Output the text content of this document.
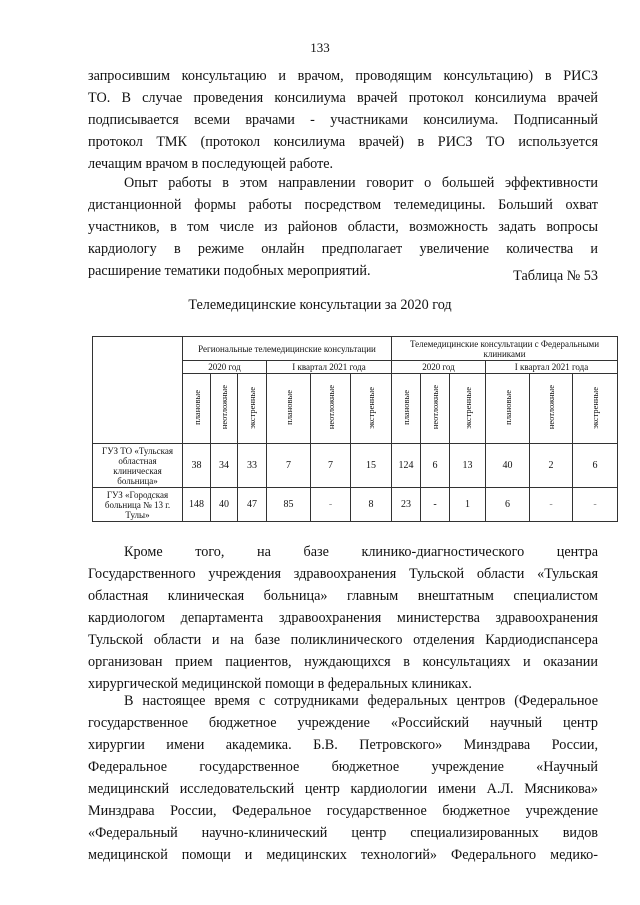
133
запросившим консультацию и врачом, проводящим консультацию) в РИСЗ
ТО. В случае проведения консилиума врачей протокол консилиума врачей
подписывается всеми врачами - участниками консилиума. Подписанный
протокол ТМК (протокол консилиума врачей) в РИСЗ ТО используется
лечащим врачом в последующей работе.
Опыт работы в этом направлении говорит о большей эффективности
дистанционной формы работы посредством телемедицины. Больший охват
участников, в том числе из районов области, возможность задать вопросы
кардиологу в режиме онлайн предполагает увеличение количества и
расширение тематики подобных мероприятий.	Таблица № 53
Телемедицинские консультации за 2020 год
	Региональные телемедицинские консультации						Телемедицинские консультации с Федеральными клиниками					
	2020 год			I квартал 2021 года			2020 год			I квартал 2021 года		
	плановые	неотложные	экстренные	плановые	неотложные	экстренные	плановые	неотложные	экстренные	плановые	неотложные	экстренные
ГУЗ ТО «Тульская областная клиническая больница»	38	34	33	7	7	15	124	6	13	40	2	6
ГУЗ «Городская больница № 13 г. Тулы»	148	40	47	85	-	8	23	-	1	6	-	-
Кроме того, на базе клинико-диагностического центра
Государственного учреждения здравоохранения Тульской области «Тульская
областная клиническая больница» главным внештатным специалистом
кардиологом департамента здравоохранения министерства здравоохранения
Тульской области и на базе поликлинического отделения Кардиодиспансера
организован прием пациентов, нуждающихся в консультациях и оказании
хирургической медицинской помощи в федеральных клиниках.
В настоящее время с сотрудниками федеральных центров (Федеральное
государственное бюджетное учреждение «Российский научный центр
хирургии имени академика. Б.В. Петровского» Минздрава России,
Федеральное государственное бюджетное учреждение «Научный
медицинский исследовательский центр кардиологии имени А.Л. Мясникова»
Минздрава России, Федеральное государственное бюджетное учреждение
«Федеральный научно-клинический центр специализированных видов
медицинской помощи и медицинских технологий» Федерального медико-
